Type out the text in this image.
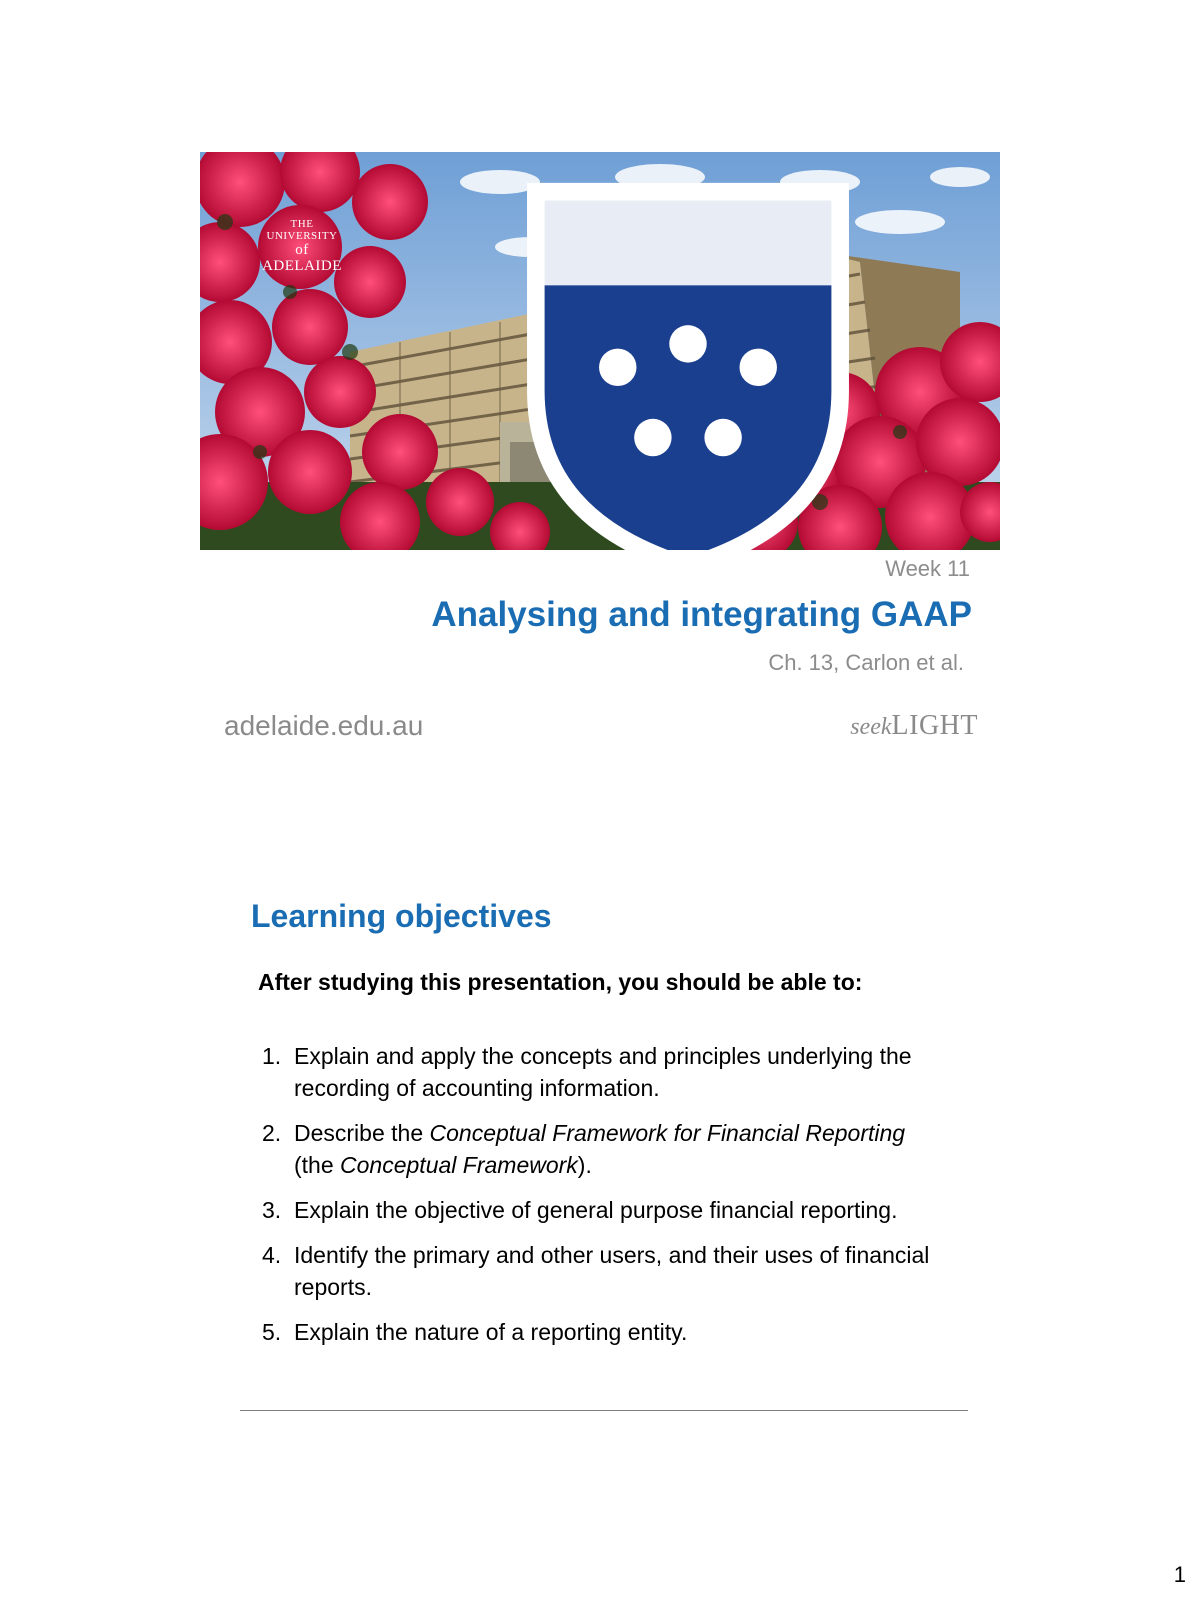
THE UNIVERSITY
of ADELAIDE
Week 11
Analysing and integrating GAAP
Ch. 13, Carlon et al.
adelaide.edu.au	seekLIGHT
Learning objectives
After studying this presentation, you should be able to:
1. Explain and apply the concepts and principles underlying the recording of accounting information.
2. Describe the Conceptual Framework for Financial Reporting (the Conceptual Framework).
3. Explain the objective of general purpose financial reporting.
4. Identify the primary and other users, and their uses of financial reports.
5. Explain the nature of a reporting entity.
1
